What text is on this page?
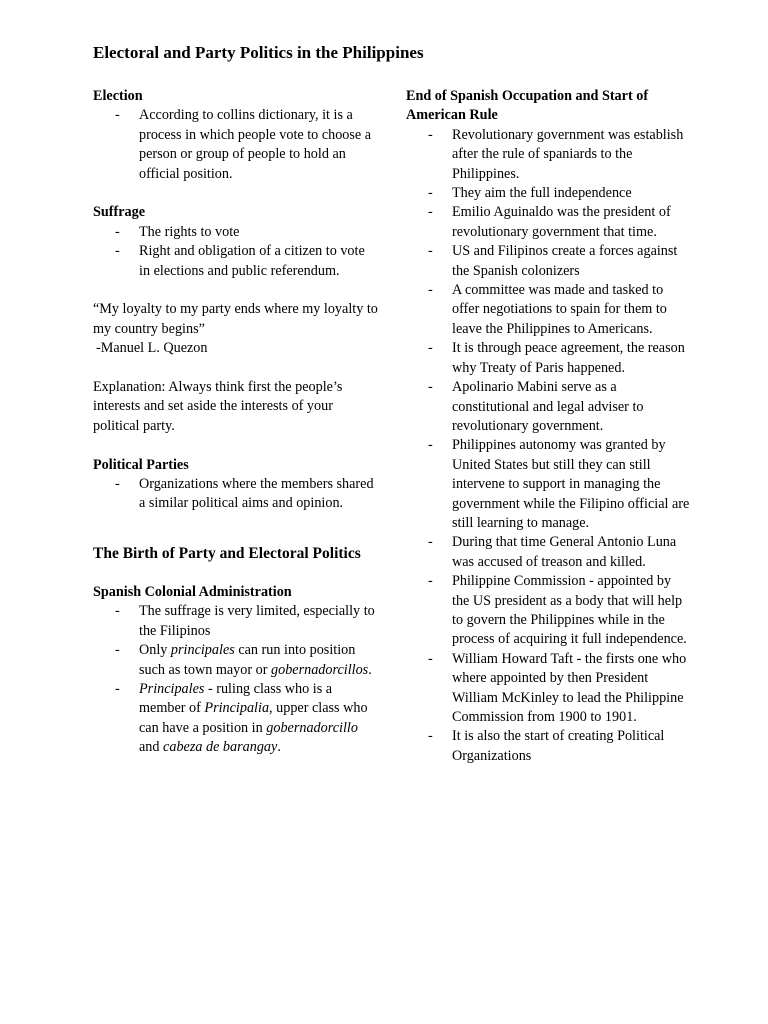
Electoral and Party Politics in the Philippines

Election

- According to collins dictionary, it is a process in which people vote to choose a person or group of people to hold an official position.

Suffrage

- The rights to vote
- Right and obligation of a citizen to vote in elections and public referendum.

“My loyalty to my party ends where my loyalty to my country begins”

-Manuel L. Quezon

Explanation: Always think first the people’s interests and set aside the interests of your political party.

Political Parties

- Organizations where the members shared a similar political aims and opinion.

The Birth of Party and Electoral Politics

Spanish Colonial Administration

- The suffrage is very limited, especially to the Filipinos
- Only principales can run into position such as town mayor or gobernadorcillos.
- Principales - ruling class who is a member of Principalia, upper class who can have a position in gobernadorcillo and cabeza de barangay.

End of Spanish Occupation and Start of American Rule

- Revolutionary government was establish after the rule of spaniards to the Philippines.
- They aim the full independence
- Emilio Aguinaldo was the president of revolutionary government that time.
- US and Filipinos create a forces against the Spanish colonizers
- A committee was made and tasked to offer negotiations to spain for them to leave the Philippines to Americans.
- It is through peace agreement, the reason why Treaty of Paris happened.
- Apolinario Mabini serve as a constitutional and legal adviser to revolutionary government.
- Philippines autonomy was granted by United States but still they can still intervene to support in managing the government while the Filipino official are still learning to manage.
- During that time General Antonio Luna was accused of treason and killed.
- Philippine Commission - appointed by the US president as a body that will help to govern the Philippines while in the process of acquiring it full independence.
- William Howard Taft - the firsts one who where appointed by then President William McKinley to lead the Philippine Commission from 1900 to 1901.
- It is also the start of creating Political Organizations
